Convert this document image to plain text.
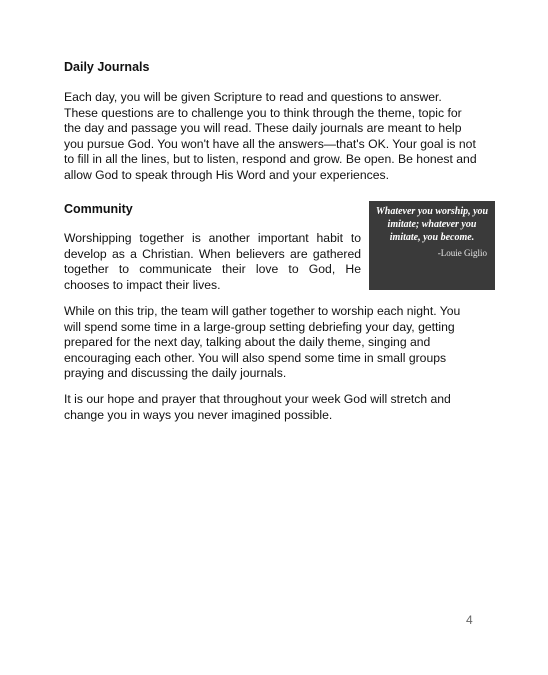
Daily Journals

Each day, you will be given Scripture to read and questions to answer. These questions are to challenge you to think through the theme, topic for the day and passage you will read. These daily journals are meant to help you pursue God. You won't have all the answers—that's OK. Your goal is not to fill in all the lines, but to listen, respond and grow. Be open. Be honest and allow God to speak through His Word and your experiences.

Community

Worshipping together is another important habit to develop as a Christian. When believers are gathered together to communicate their love to God, He chooses to impact their lives.

Whatever you worship, you imitate; whatever you imitate, you become.

-Louie Giglio

While on this trip, the team will gather together to worship each night. You will spend some time in a large-group setting debriefing your day, getting prepared for the next day, talking about the daily theme, singing and encouraging each other. You will also spend some time in small groups praying and discussing the daily journals.

It is our hope and prayer that throughout your week God will stretch and change you in ways you never imagined possible.

4
